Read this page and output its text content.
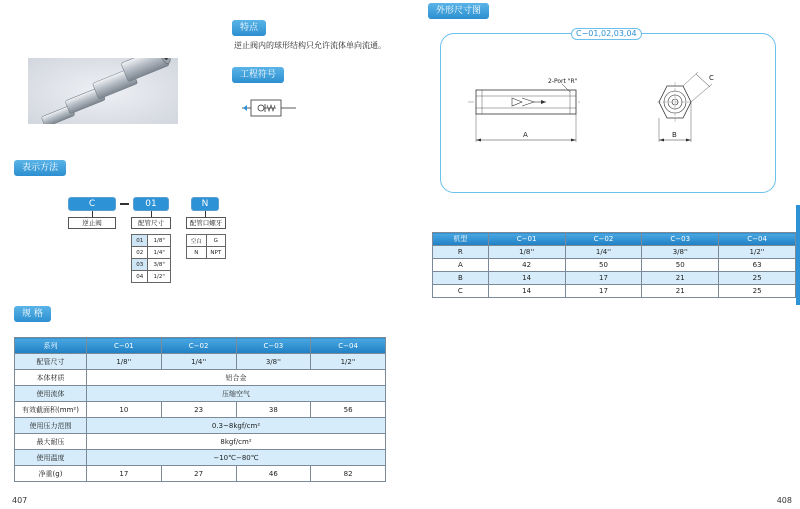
特点
逆止阀内的球形结构只允许流体单向流通。
工程符号
表示方法
规 格
外形尺寸图
C	01	N
逆止阀	配管尺寸	配管口螺牙
01	1/8"
02	1/4"
03	3/8"
04	1/2"
空白	G
N	NPT
系列	C−01	C−02	C−03	C−04
配管尺寸	1/8''	1/4''	3/8''	1/2''
本体材质	铝合金			
使用流体	压缩空气			
有效截面积(mm²)	10	23	38	56
使用压力范围	0.3~8kgf/cm²			
最大耐压	8kgf/cm²			
使用温度	−10℃−80℃			
净重(g)	17	27	46	82
C−01,02,03,04
2-Port "R"
A	B
C
机型	C−01	C−02	C−03	C−04
R	1/8''	1/4''	3/8''	1/2''
A	42	50	50	63
B	14	17	21	25
C	14	17	21	25
407	408
